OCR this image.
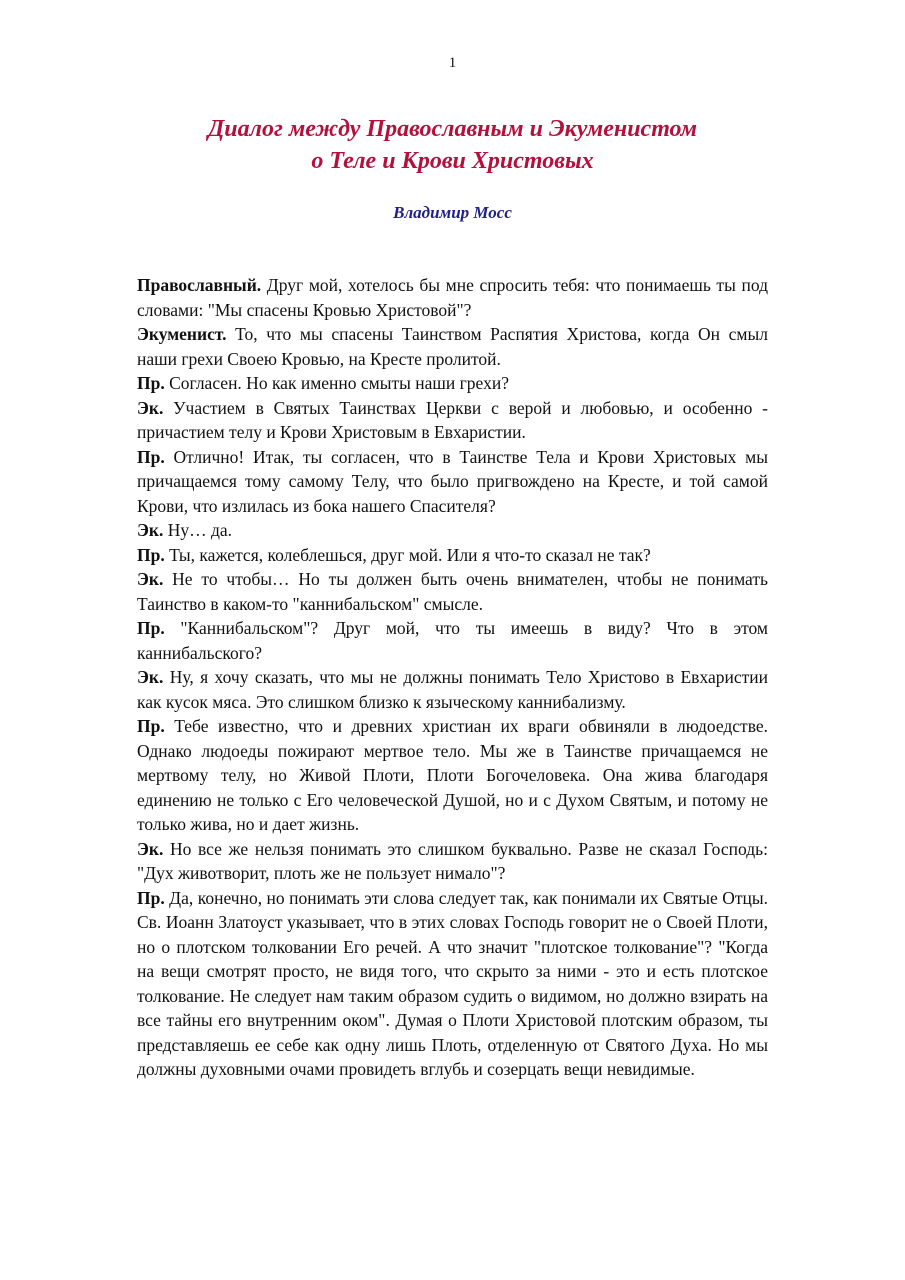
1
Диалог между Православным и Экуменистом
о Теле и Крови Христовых
Владимир Мосс

Православный. Друг мой, хотелось бы мне спросить тебя: что понимаешь ты под словами: "Мы спасены Кровью Христовой"?

Экуменист. То, что мы спасены Таинством Распятия Христова, когда Он смыл наши грехи Своею Кровью, на Кресте пролитой.

Пр. Согласен. Но как именно смыты наши грехи?

Эк. Участием в Святых Таинствах Церкви с верой и любовью, и особенно - причастием телу и Крови Христовым в Евхаристии.

Пр. Отлично! Итак, ты согласен, что в Таинстве Тела и Крови Христовых мы причащаемся тому самому Телу, что было пригвождено на Кресте, и той самой Крови, что излилась из бока нашего Спасителя?

Эк. Ну… да.

Пр. Ты, кажется, колеблешься, друг мой. Или я что-то сказал не так?

Эк. Не то чтобы… Но ты должен быть очень внимателен, чтобы не понимать Таинство в каком-то "каннибальском" смысле.

Пр. "Каннибальском"? Друг мой, что ты имеешь в виду? Что в этом каннибальского?

Эк. Ну, я хочу сказать, что мы не должны понимать Тело Христово в Евхаристии как кусок мяса. Это слишком близко к языческому каннибализму.

Пр. Тебе известно, что и древних христиан их враги обвиняли в людоедстве. Однако людоеды пожирают мертвое тело. Мы же в Таинстве причащаемся не мертвому телу, но Живой Плоти, Плоти Богочеловека. Она жива благодаря единению не только с Его человеческой Душой, но и с Духом Святым, и потому не только жива, но и дает жизнь.

Эк. Но все же нельзя понимать это слишком буквально. Разве не сказал Господь: "Дух животворит, плоть же не пользует нимало"?

Пр. Да, конечно, но понимать эти слова следует так, как понимали их Святые Отцы. Св. Иоанн Златоуст указывает, что в этих словах Господь говорит не о Своей Плоти, но о плотском толковании Его речей. А что значит "плотское толкование"? "Когда на вещи смотрят просто, не видя того, что скрыто за ними - это и есть плотское толкование. Не следует нам таким образом судить о видимом, но должно взирать на все тайны его внутренним оком". Думая о Плоти Христовой плотским образом, ты представляешь ее себе как одну лишь Плоть, отделенную от Святого Духа. Но мы должны духовными очами провидеть вглубь и созерцать вещи невидимые.
